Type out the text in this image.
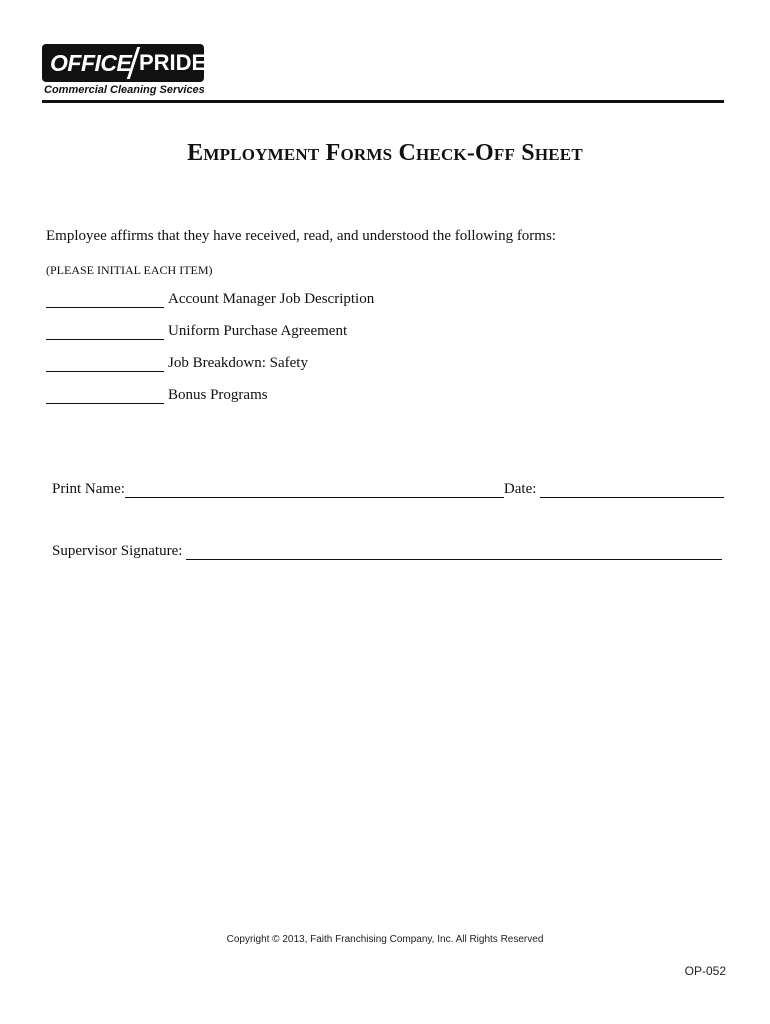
OFFICE PRIDE
Commercial Cleaning Services
Employment Forms Check-Off Sheet
Employee affirms that they have received, read, and understood the following forms:
(PLEASE INITIAL EACH ITEM)
Account Manager Job Description
Uniform Purchase Agreement
Job Breakdown: Safety
Bonus Programs
Print Name:	Date:
Supervisor Signature:
Copyright © 2013, Faith Franchising Company, Inc. All Rights Reserved
OP-052
